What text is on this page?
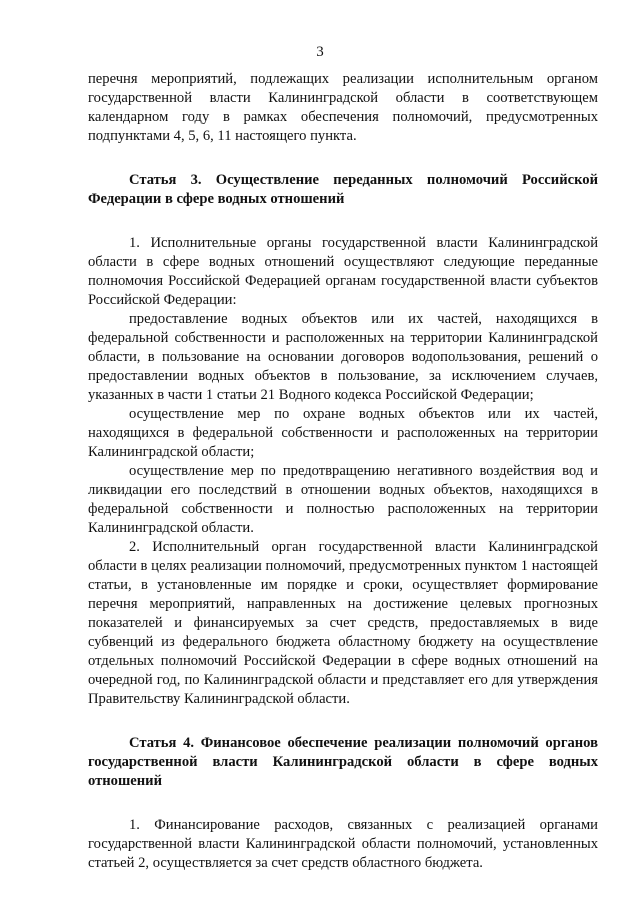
3

перечня мероприятий, подлежащих реализации исполнительным органом государственной власти Калининградской области в соответствующем календарном году в рамках обеспечения полномочий, предусмотренных подпунктами 4, 5, 6, 11 настоящего пункта.

Статья 3. Осуществление переданных полномочий Российской Федерации в сфере водных отношений

1. Исполнительные органы государственной власти Калининградской области в сфере водных отношений осуществляют следующие переданные полномочия Российской Федерацией органам государственной власти субъектов Российской Федерации:

предоставление водных объектов или их частей, находящихся в федеральной собственности и расположенных на территории Калининградской области, в пользование на основании договоров водопользования, решений о предоставлении водных объектов в пользование, за исключением случаев, указанных в части 1 статьи 21 Водного кодекса Российской Федерации;

осуществление мер по охране водных объектов или их частей, находящихся в федеральной собственности и расположенных на территории Калининградской области;

осуществление мер по предотвращению негативного воздействия вод и ликвидации его последствий в отношении водных объектов, находящихся в федеральной собственности и полностью расположенных на территории Калининградской области.

2. Исполнительный орган государственной власти Калининградской области в целях реализации полномочий, предусмотренных пунктом 1 настоящей статьи, в установленные им порядке и сроки, осуществляет формирование перечня мероприятий, направленных на достижение целевых прогнозных показателей и финансируемых за счет средств, предоставляемых в виде субвенций из федерального бюджета областному бюджету на осуществление отдельных полномочий Российской Федерации в сфере водных отношений на очередной год, по Калининградской области и представляет его для утверждения Правительству Калининградской области.

Статья 4. Финансовое обеспечение реализации полномочий органов государственной власти Калининградской области в сфере водных отношений

1. Финансирование расходов, связанных с реализацией органами государственной власти Калининградской области полномочий, установленных статьей 2, осуществляется за счет средств областного бюджета.
